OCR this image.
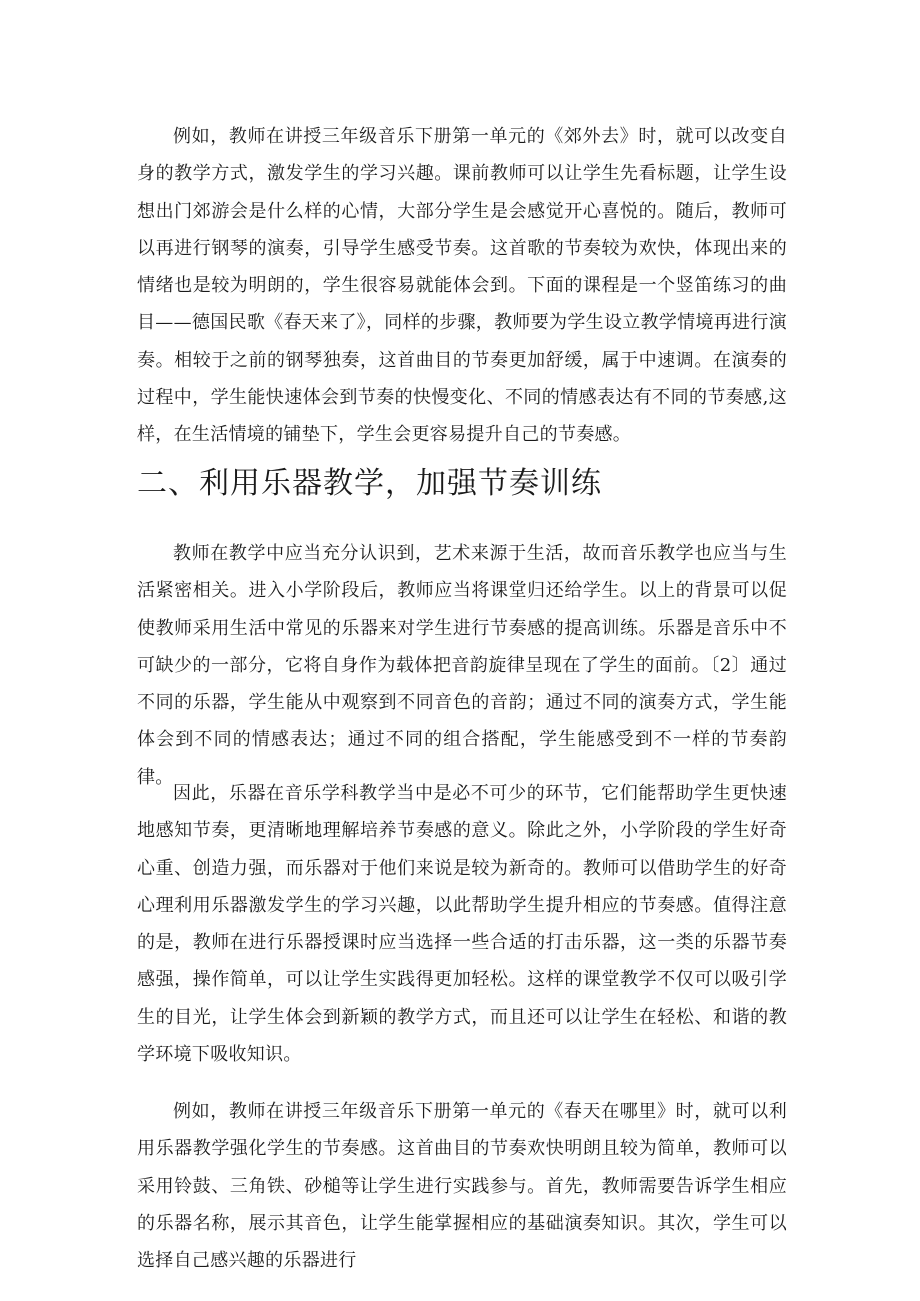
例如，教师在讲授三年级音乐下册第一单元的《郊外去》时，就可以改变自身的教学方式，激发学生的学习兴趣。课前教师可以让学生先看标题，让学生设想出门郊游会是什么样的心情，大部分学生是会感觉开心喜悦的。随后，教师可以再进行钢琴的演奏，引导学生感受节奏。这首歌的节奏较为欢快，体现出来的情绪也是较为明朗的，学生很容易就能体会到。下面的课程是一个竖笛练习的曲目——德国民歌《春天来了》，同样的步骤，教师要为学生设立教学情境再进行演奏。相较于之前的钢琴独奏，这首曲目的节奏更加舒缓，属于中速调。在演奏的过程中，学生能快速体会到节奏的快慢变化、不同的情感表达有不同的节奏感,这样，在生活情境的铺垫下，学生会更容易提升自己的节奏感。

二、利用乐器教学，加强节奏训练

教师在教学中应当充分认识到，艺术来源于生活，故而音乐教学也应当与生活紧密相关。进入小学阶段后，教师应当将课堂归还给学生。以上的背景可以促使教师采用生活中常见的乐器来对学生进行节奏感的提高训练。乐器是音乐中不可缺少的一部分，它将自身作为载体把音韵旋律呈现在了学生的面前。〔2〕通过不同的乐器，学生能从中观察到不同音色的音韵；通过不同的演奏方式，学生能体会到不同的情感表达；通过不同的组合搭配，学生能感受到不一样的节奏韵律。

因此，乐器在音乐学科教学当中是必不可少的环节，它们能帮助学生更快速地感知节奏，更清晰地理解培养节奏感的意义。除此之外，小学阶段的学生好奇心重、创造力强，而乐器对于他们来说是较为新奇的。教师可以借助学生的好奇心理利用乐器激发学生的学习兴趣，以此帮助学生提升相应的节奏感。值得注意的是，教师在进行乐器授课时应当选择一些合适的打击乐器，这一类的乐器节奏感强，操作简单，可以让学生实践得更加轻松。这样的课堂教学不仅可以吸引学生的目光，让学生体会到新颖的教学方式，而且还可以让学生在轻松、和谐的教学环境下吸收知识。

例如，教师在讲授三年级音乐下册第一单元的《春天在哪里》时，就可以利用乐器教学强化学生的节奏感。这首曲目的节奏欢快明朗且较为简单，教师可以采用铃鼓、三角铁、砂槌等让学生进行实践参与。首先，教师需要告诉学生相应的乐器名称，展示其音色，让学生能掌握相应的基础演奏知识。其次，学生可以选择自己感兴趣的乐器进行
